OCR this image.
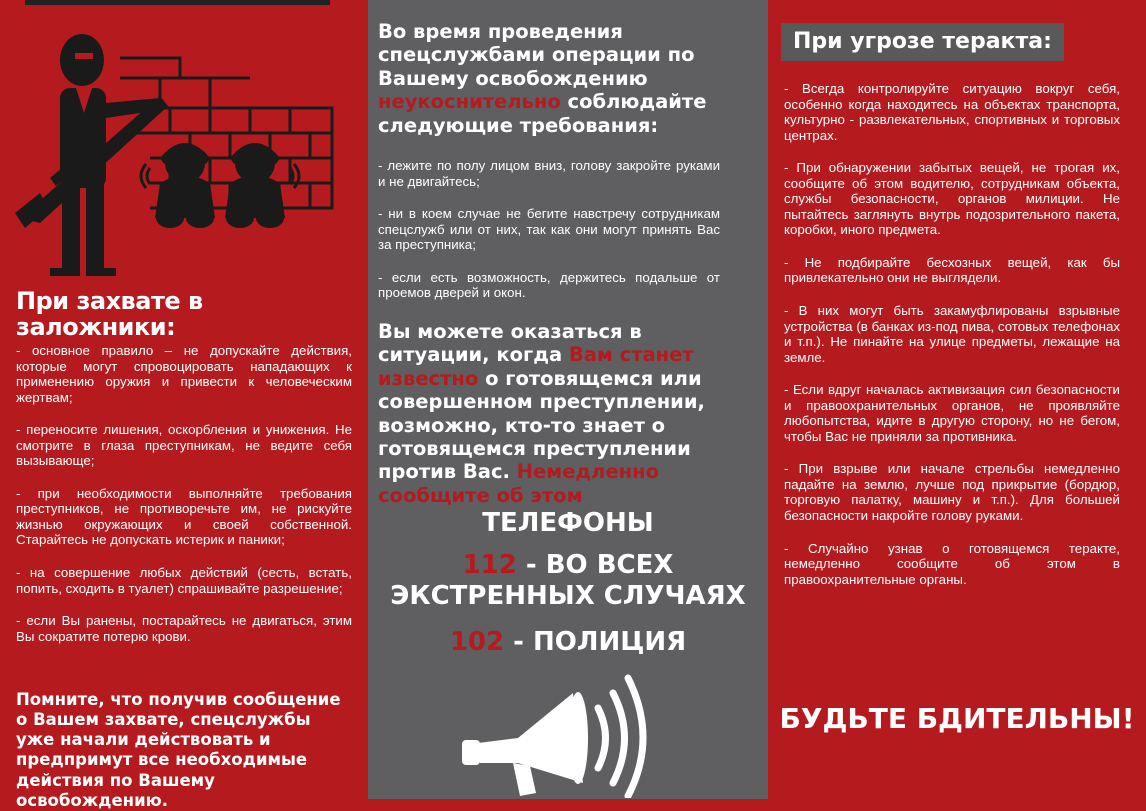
При захвате в заложники:

- основное правило – не допускайте действия, которые могут спровоцировать нападающих к применению оружия и привести к человеческим жертвам;

- переносите лишения, оскорбления и унижения. Не смотрите в глаза преступникам, не ведите себя вызывающе;

- при необходимости выполняйте требования преступников, не противоречьте им, не рискуйте жизнью окружающих и своей собственной. Старайтесь не допускать истерик и паники;

- на совершение любых действий (сесть, встать, попить, сходить в туалет) спрашивайте разрешение;

- если Вы ранены, постарайтесь не двигаться, этим Вы сократите потерю крови.

Помните, что получив сообщение о Вашем захвате, спецслужбы уже начали действовать и предпримут все необходимые действия по Вашему освобождению.
Во время проведения спецслужбами операции по Вашему освобождению неукоснительно соблюдайте следующие требования:

- лежите по полу лицом вниз, голову закройте руками и не двигайтесь;

- ни в коем случае не бегите навстречу сотрудникам спецслужб или от них, так как они могут принять Вас за преступника;

- если есть возможность, держитесь подальше от проемов дверей и окон.

Вы можете оказаться в ситуации, когда Вам станет известно о готовящемся или совершенном преступлении, возможно, кто-то знает о готовящемся преступлении против Вас. Немедленно сообщите об этом
ТЕЛЕФОНЫ
112 - ВО ВСЕХ ЭКСТРЕННЫХ СЛУЧАЯХ
102 - ПОЛИЦИЯ
При угрозе теракта:

- Всегда контролируйте ситуацию вокруг себя, особенно когда находитесь на объектах транспорта, культурно - развлекательных, спортивных и торговых центрах.

- При обнаружении забытых вещей, не трогая их, сообщите об этом водителю, сотрудникам объекта, службы безопасности, органов милиции. Не пытайтесь заглянуть внутрь подозрительного пакета, коробки, иного предмета.

- Не подбирайте бесхозных вещей, как бы привлекательно они не выглядели.

- В них могут быть закамуфлированы взрывные устройства (в банках из-под пива, сотовых телефонах и т.п.). Не пинайте на улице предметы, лежащие на земле.

- Если вдруг началась активизация сил безопасности и правоохранительных органов, не проявляйте любопытства, идите в другую сторону, но не бегом, чтобы Вас не приняли за противника.

- При взрыве или начале стрельбы немедленно падайте на землю, лучше под прикрытие (бордюр, торговую палатку, машину и т.п.). Для большей безопасности накройте голову руками.

- Случайно узнав о готовящемся теракте, немедленно сообщите об этом в правоохранительные органы.

БУДЬТЕ БДИТЕЛЬНЫ!
